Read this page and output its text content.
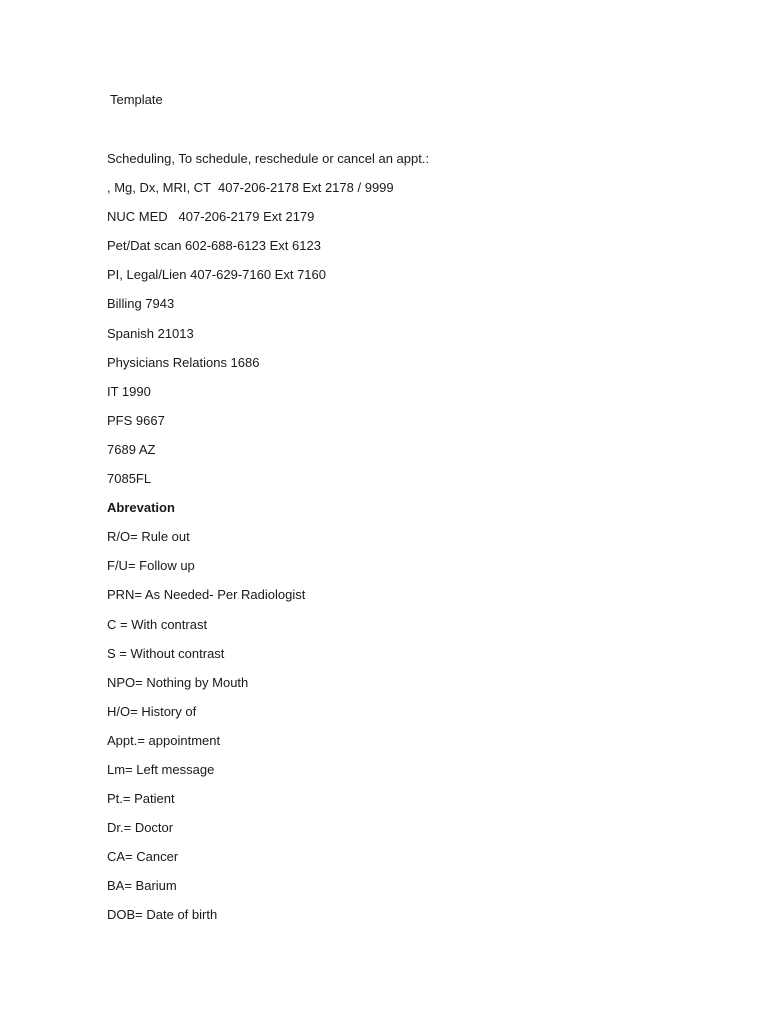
Template
Scheduling, To schedule, reschedule or cancel an appt.:
, Mg, Dx, MRI, CT  407-206-2178 Ext 2178 / 9999
NUC MED   407-206-2179 Ext 2179
Pet/Dat scan 602-688-6123 Ext 6123
PI, Legal/Lien 407-629-7160 Ext 7160
Billing 7943
Spanish 21013
Physicians Relations 1686
IT 1990
PFS 9667
7689 AZ
7085FL
Abrevation
R/O= Rule out
F/U= Follow up
PRN= As Needed- Per Radiologist
C = With contrast
S = Without contrast
NPO= Nothing by Mouth
H/O= History of
Appt.= appointment
Lm= Left message
Pt.= Patient
Dr.= Doctor
CA= Cancer
BA= Barium
DOB= Date of birth
